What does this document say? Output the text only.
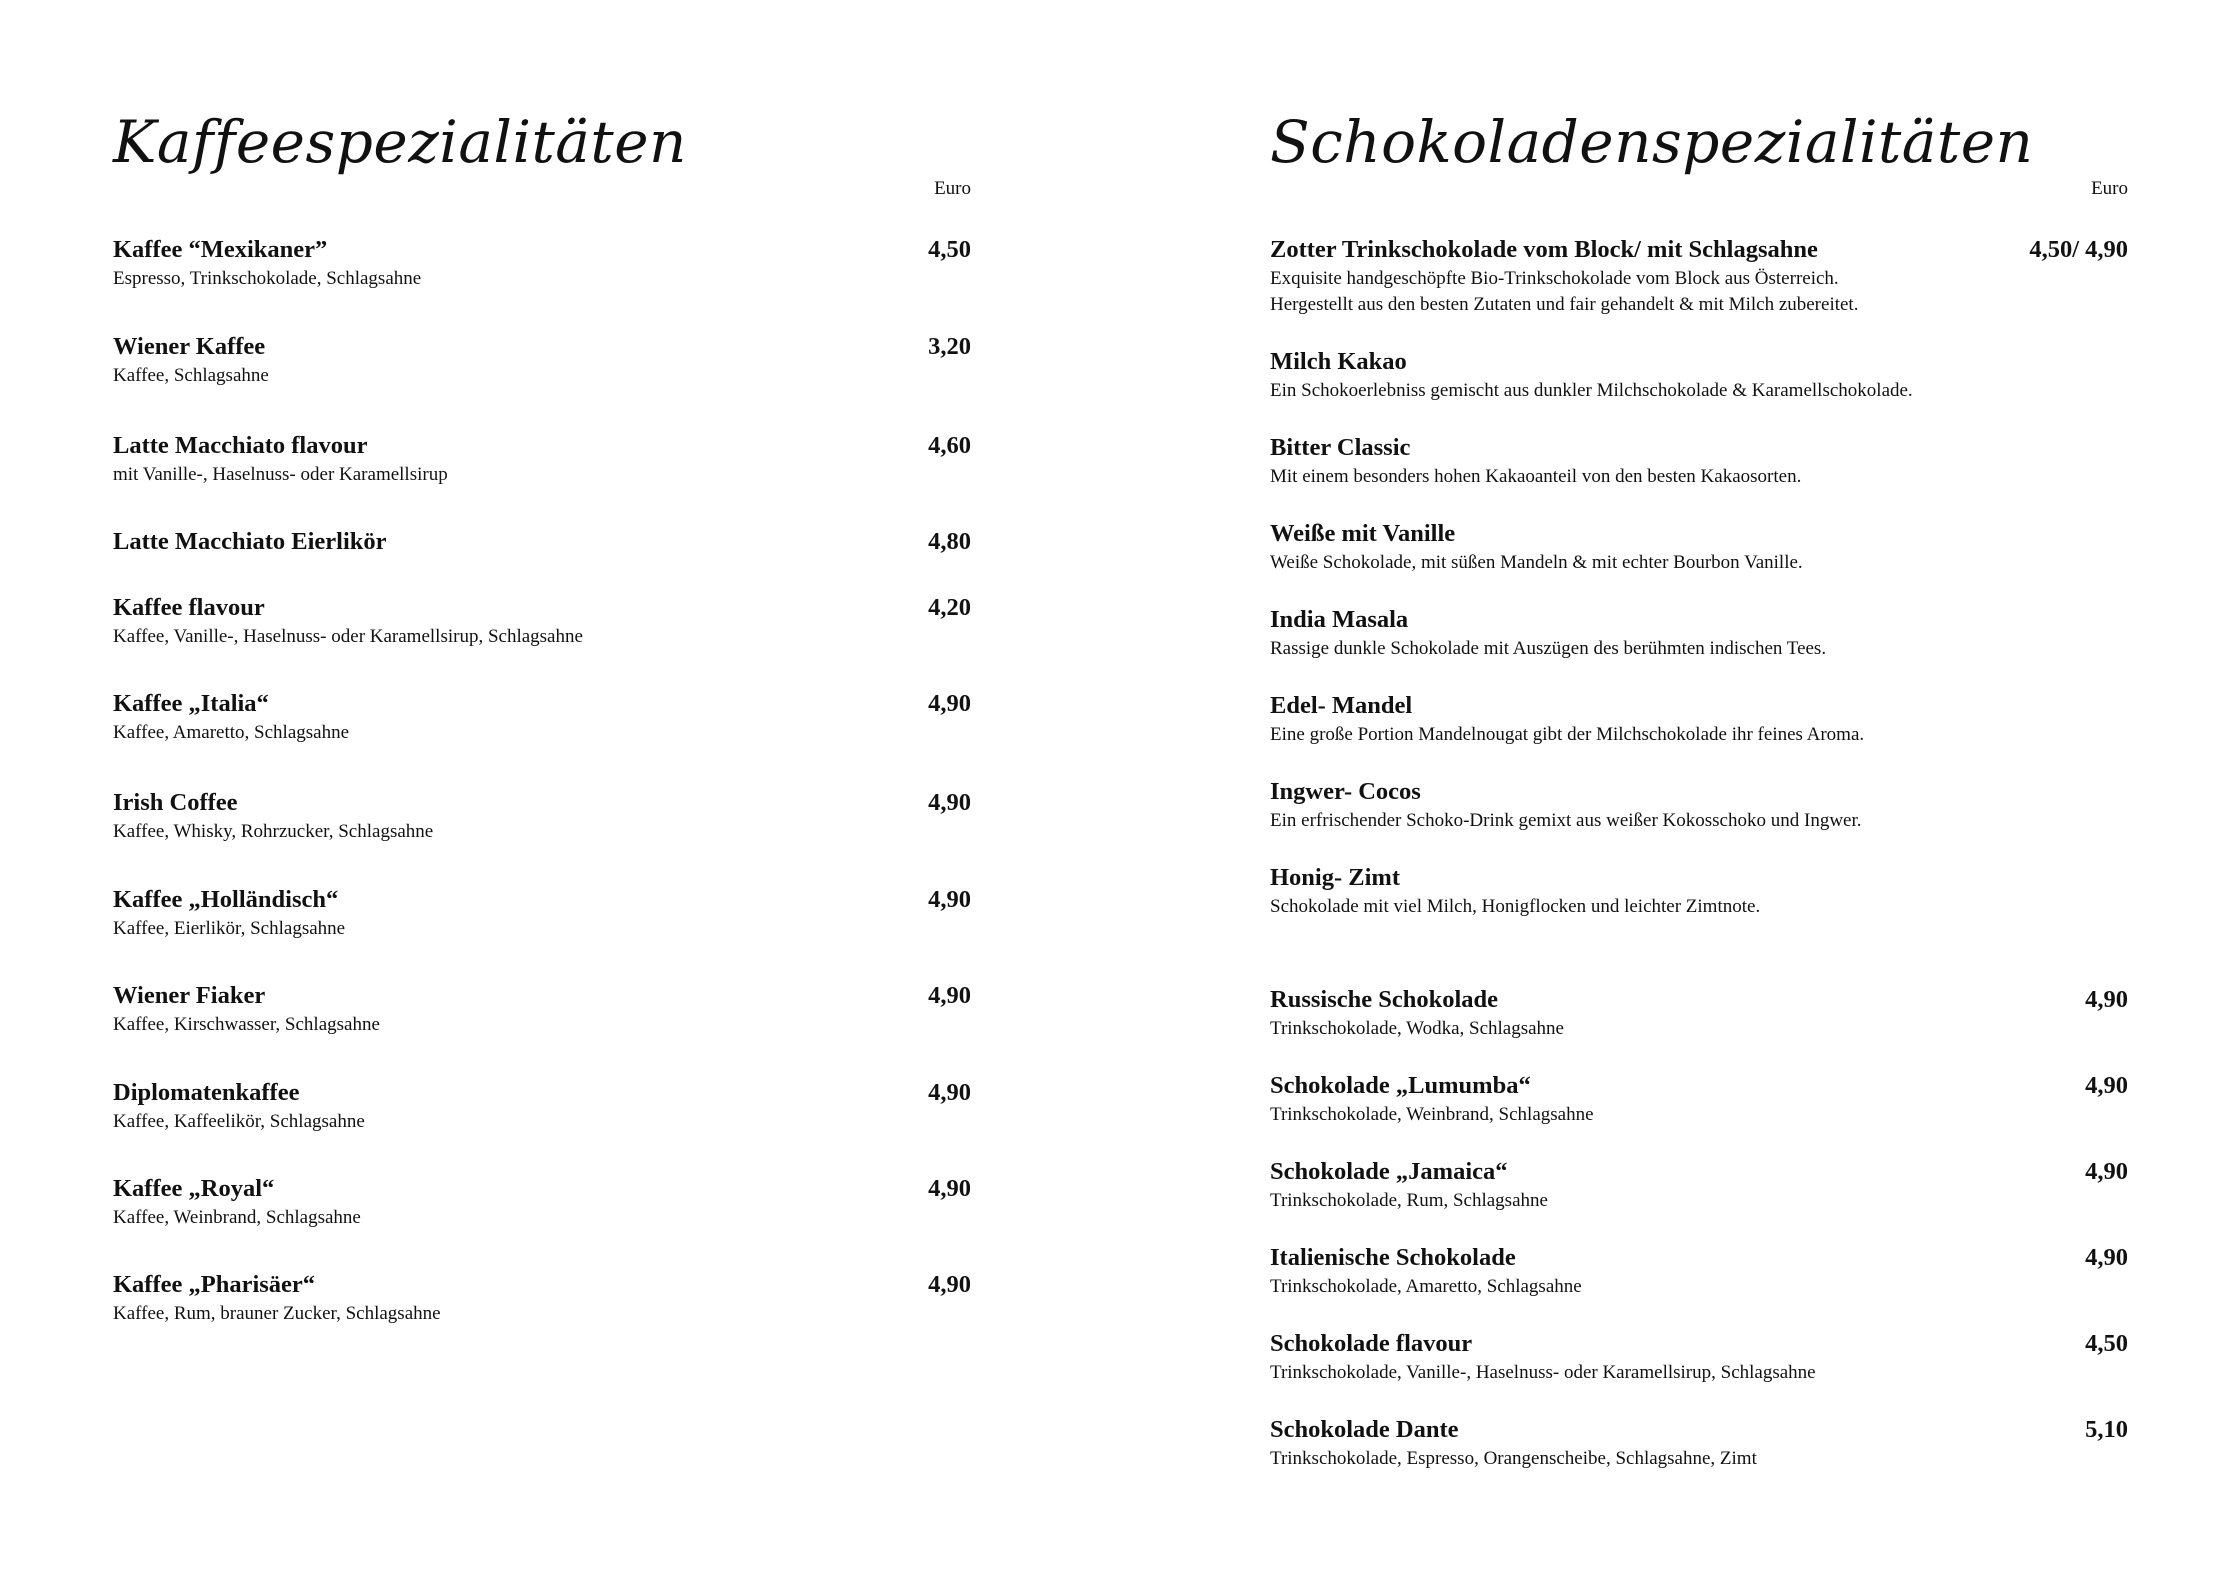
Kaffeespezialitäten
Euro
Kaffee “Mexikaner”	4,50
Espresso, Trinkschokolade, Schlagsahne
Wiener Kaffee	3,20
Kaffee, Schlagsahne
Latte Macchiato flavour	4,60
mit Vanille-, Haselnuss- oder Karamellsirup
Latte Macchiato Eierlikör	4,80
Kaffee flavour	4,20
Kaffee, Vanille-, Haselnuss- oder Karamellsirup, Schlagsahne
Kaffee „Italia“	4,90
Kaffee, Amaretto, Schlagsahne
Irish Coffee	4,90
Kaffee, Whisky, Rohrzucker, Schlagsahne
Kaffee „Holländisch“	4,90
Kaffee, Eierlikör, Schlagsahne
Wiener Fiaker	4,90
Kaffee, Kirschwasser, Schlagsahne
Diplomatenkaffee	4,90
Kaffee, Kaffeelikör, Schlagsahne
Kaffee „Royal“	4,90
Kaffee, Weinbrand, Schlagsahne
Kaffee „Pharisäer“	4,90
Kaffee, Rum, brauner Zucker, Schlagsahne
Schokoladenspezialitäten
Euro
Zotter Trinkschokolade vom Block/ mit Schlagsahne	4,50/ 4,90
Exquisite handgeschöpfte Bio-Trinkschokolade vom Block aus Österreich.
Hergestellt aus den besten Zutaten und fair gehandelt & mit Milch zubereitet.
Milch Kakao
Ein Schokoerlebniss gemischt aus dunkler Milchschokolade & Karamellschokolade.
Bitter Classic
Mit einem besonders hohen Kakaoanteil von den besten Kakaosorten.
Weiße mit Vanille
Weiße Schokolade, mit süßen Mandeln & mit echter Bourbon Vanille.
India Masala
Rassige dunkle Schokolade mit Auszügen des berühmten indischen Tees.
Edel- Mandel
Eine große Portion Mandelnougat gibt der Milchschokolade ihr feines Aroma.
Ingwer- Cocos
Ein erfrischender Schoko-Drink gemixt aus weißer Kokosschoko und Ingwer.
Honig- Zimt
Schokolade mit viel Milch, Honigflocken und leichter Zimtnote.
Russische Schokolade	4,90
Trinkschokolade, Wodka, Schlagsahne
Schokolade „Lumumba“	4,90
Trinkschokolade, Weinbrand, Schlagsahne
Schokolade „Jamaica“	4,90
Trinkschokolade, Rum, Schlagsahne
Italienische Schokolade	4,90
Trinkschokolade, Amaretto, Schlagsahne
Schokolade flavour	4,50
Trinkschokolade, Vanille-, Haselnuss- oder Karamellsirup, Schlagsahne
Schokolade Dante	5,10
Trinkschokolade, Espresso, Orangenscheibe, Schlagsahne, Zimt
